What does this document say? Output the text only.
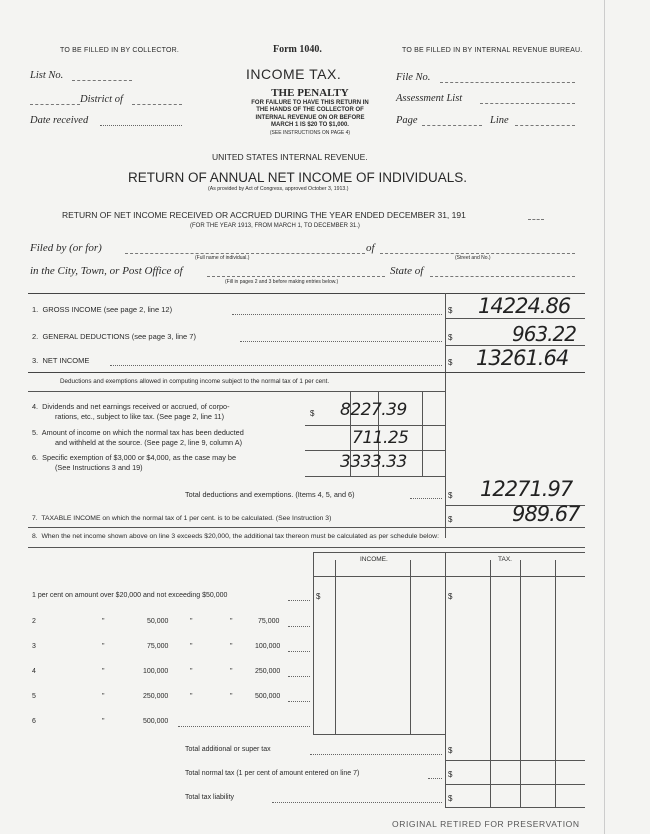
TO BE FILLED IN BY COLLECTOR.	Form 1040.	TO BE FILLED IN BY INTERNAL REVENUE BUREAU.
INCOME TAX.
List No.
District of
Date received
File No.
Assessment List
Page	Line
THE PENALTY
FOR FAILURE TO HAVE THIS RETURN IN
THE HANDS OF THE COLLECTOR OF
INTERNAL REVENUE ON OR BEFORE
MARCH 1 IS $20 TO $1,000.
(SEE INSTRUCTIONS ON PAGE 4)
UNITED STATES INTERNAL REVENUE.
RETURN OF ANNUAL NET INCOME OF INDIVIDUALS.
(As provided by Act of Congress, approved October 3, 1913.)
RETURN OF NET INCOME RECEIVED OR ACCRUED DURING THE YEAR ENDED DECEMBER 31, 191
(FOR THE YEAR 1913, FROM MARCH 1, TO DECEMBER 31.)
Filed by (or for)	of
(Full name of individual.)	(Street and No.)
in the City, Town, or Post Office of	State of
(Fill in pages 2 and 3 before making entries below.)
1. GROSS INCOME (see page 2, line 12)	$ 14224.86
2. GENERAL DEDUCTIONS (see page 3, line 7)	$	963.22
3. NET INCOME	$ 13261.64
Deductions and exemptions allowed in computing income subject to the normal tax of 1 per cent.
4. Dividends and net earnings received or accrued, of corpo-
rations, etc., subject to like tax. (See page 2, line 11)	$ 8227.39
5. Amount of income on which the normal tax has been deducted
and withheld at the source. (See page 2, line 9, column A)	711.25
6. Specific exemption of $3,000 or $4,000, as the case may be
(See Instructions 3 and 19)	3333.33
Total deductions and exemptions. (Items 4, 5, and 6)	$ 12271.97
7. TAXABLE INCOME on which the normal tax of 1 per cent. is to be calculated. (See Instruction 3)	$	989.67
8. When the net income shown above on line 3 exceeds $20,000, the additional tax thereon must be calculated as per schedule below:
INCOME.	TAX.
1 per cent on amount over $20,000 and not exceeding $50,000	$	$
2	"	50,000	"	"	75,000
3	"	75,000	"	"	100,000
4	"	100,000	"	"	250,000
5	"	250,000	"	"	500,000
6	"	500,000
Total additional or super tax	$
Total normal tax (1 per cent of amount entered on line 7)	$
Total tax liability	$
ORIGINAL RETIRED FOR PRESERVATION
